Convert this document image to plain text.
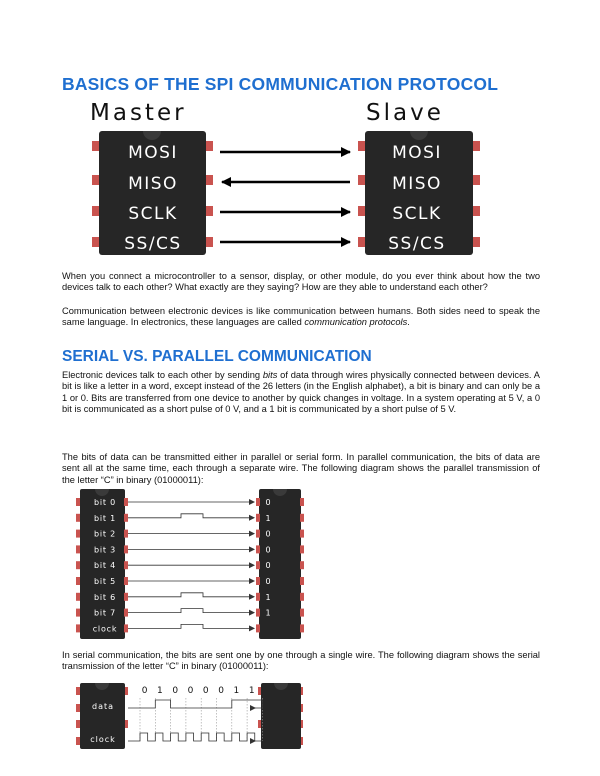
BASICS OF THE SPI COMMUNICATION PROTOCOL
Master	Slave
MOSI
MISO
SCLK
SS/CS
MOSI
MISO
SCLK
SS/CS

When you connect a microcontroller to a sensor, display, or other module, do you ever think about how the two devices talk to each other? What exactly are they saying? How are they able to understand each other?

Communication between electronic devices is like communication between humans. Both sides need to speak the same language. In electronics, these languages are called communication protocols.

SERIAL VS. PARALLEL COMMUNICATION

Electronic devices talk to each other by sending bits of data through wires physically connected between devices. A bit is like a letter in a word, except instead of the 26 letters (in the English alphabet), a bit is binary and can only be a 1 or 0. Bits are transferred from one device to another by quick changes in voltage. In a system operating at 5 V, a 0 bit is communicated as a short pulse of 0 V, and a 1 bit is communicated by a short pulse of 5 V.

The bits of data can be transmitted either in parallel or serial form. In parallel communication, the bits of data are sent all at the same time, each through a separate wire. The following diagram shows the parallel transmission of the letter “C” in binary (01000011):

bit 0	0
bit 1	1
bit 2	0
bit 3	0
bit 4	0
bit 5	0
bit 6	1
bit 7	1
clock

In serial communication, the bits are sent one by one through a single wire. The following diagram shows the serial transmission of the letter “C” in binary (01000011):

data
clock
0 1 0 0 0 0 1 1
